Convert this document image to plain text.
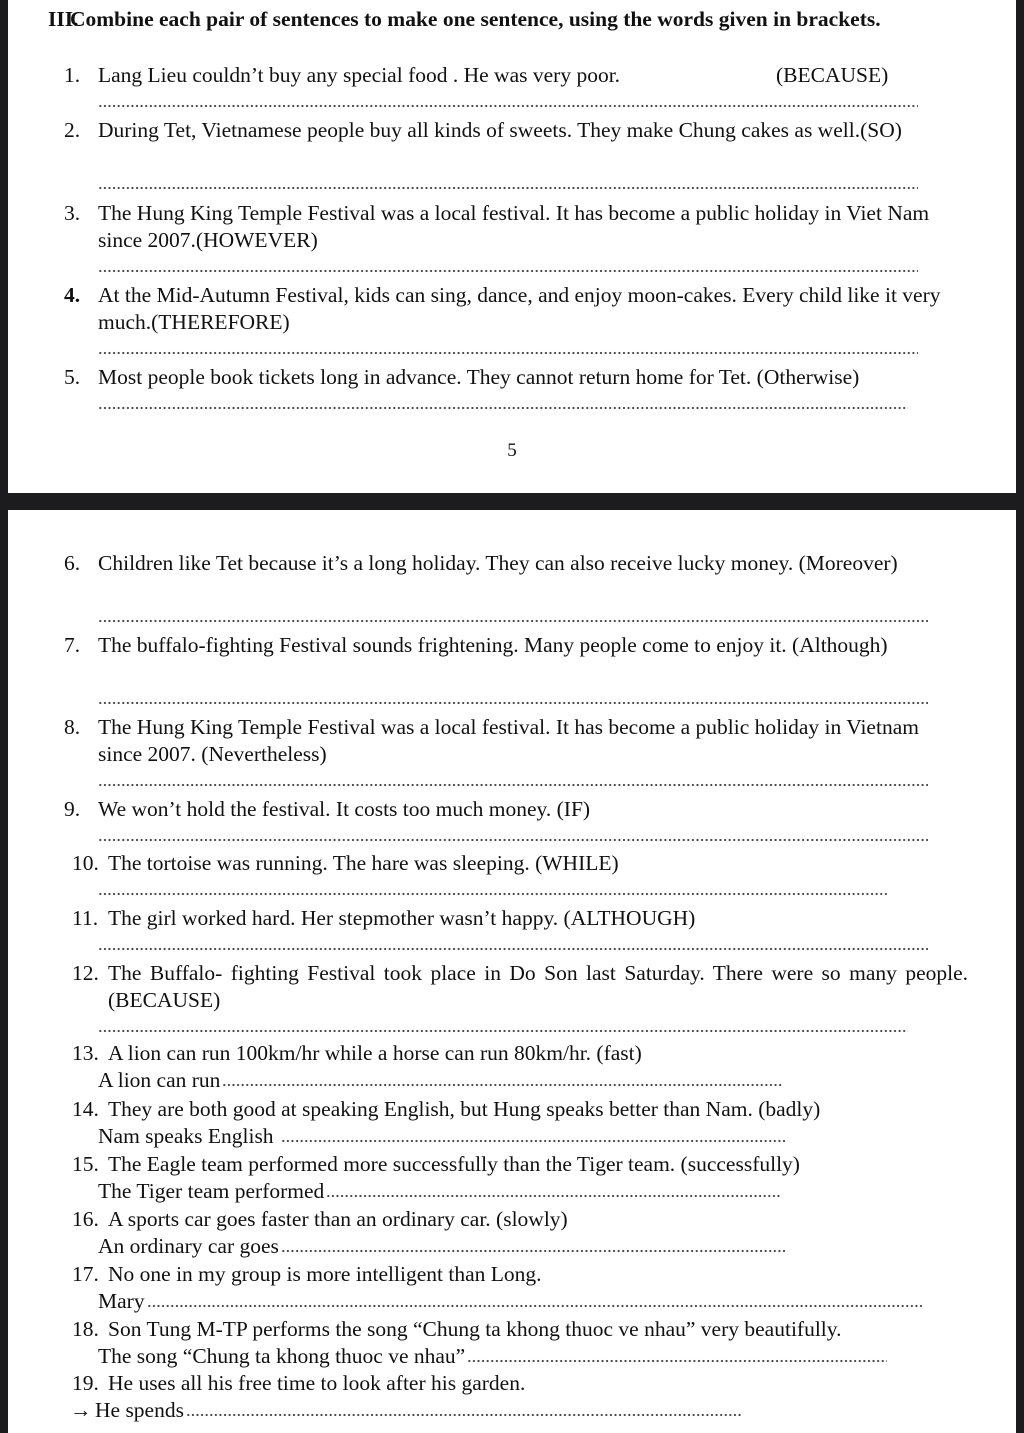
III.
Combine each pair of sentences to make one sentence, using the words given in brackets.
1. Lang Lieu couldn’t buy any special food . He was very poor.	(BECAUSE)
2. During Tet, Vietnamese people buy all kinds of sweets. They make Chung cakes as well.(SO)
3. The Hung King Temple Festival was a local festival. It has become a public holiday in Viet Nam since 2007.(HOWEVER)
4. At the Mid-Autumn Festival, kids can sing, dance, and enjoy moon-cakes. Every child like it very much.(THEREFORE)
5. Most people book tickets long in advance. They cannot return home for Tet. (Otherwise)
5
6. Children like Tet because it’s a long holiday. They can also receive lucky money. (Moreover)
7. The buffalo-fighting Festival sounds frightening. Many people come to enjoy it. (Although)
8. The Hung King Temple Festival was a local festival. It has become a public holiday in Vietnam since 2007. (Nevertheless)
9. We won’t hold the festival. It costs too much money. (IF)
10. The tortoise was running. The hare was sleeping. (WHILE)
11. The girl worked hard. Her stepmother wasn’t happy. (ALTHOUGH)
12. The Buffalo- fighting Festival took place in Do Son last Saturday. There were so many people. (BECAUSE)
13. A lion can run 100km/hr while a horse can run 80km/hr. (fast)
A lion can run
14. They are both good at speaking English, but Hung speaks better than Nam. (badly)
Nam speaks English
15. The Eagle team performed more successfully than the Tiger team. (successfully)
The Tiger team performed
16. A sports car goes faster than an ordinary car. (slowly)
An ordinary car goes
17. No one in my group is more intelligent than Long.
Mary
18. Son Tung M-TP performs the song “Chung ta khong thuoc ve nhau” very beautifully.
The song “Chung ta khong thuoc ve nhau”
19. He uses all his free time to look after his garden.
→ He spends
